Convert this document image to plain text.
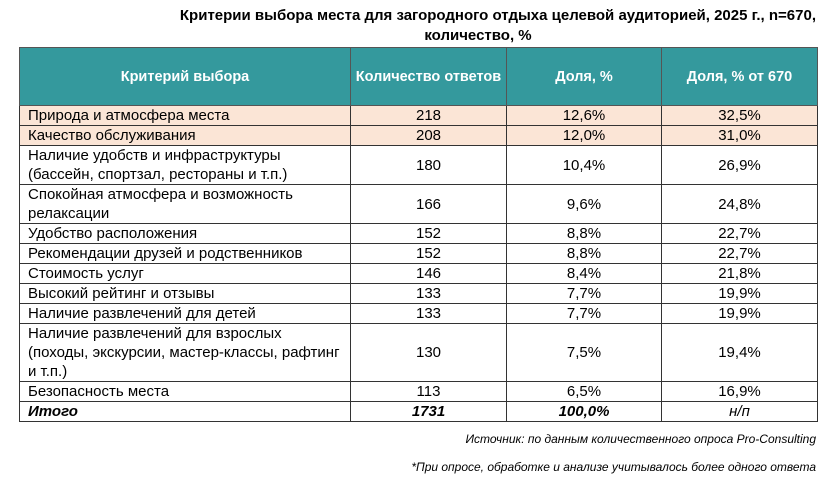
Критерии выбора места для загородного отдыха целевой аудиторией, 2025 г., n=670,
количество, %
Критерий выбора	Количество ответов	Доля, %	Доля, % от 670
Природа и атмосфера места	218	12,6%	32,5%
Качество обслуживания	208	12,0%	31,0%
Наличие удобств и инфраструктуры (бассейн, спортзал, рестораны и т.п.)	180	10,4%	26,9%
Спокойная атмосфера и возможность релаксации	166	9,6%	24,8%
Удобство расположения	152	8,8%	22,7%
Рекомендации друзей и родственников	152	8,8%	22,7%
Стоимость услуг	146	8,4%	21,8%
Высокий рейтинг и отзывы	133	7,7%	19,9%
Наличие развлечений для детей	133	7,7%	19,9%
Наличие развлечений для взрослых (походы, экскурсии, мастер-классы, рафтинг и т.п.)	130	7,5%	19,4%
Безопасность места	113	6,5%	16,9%
Итого	1731	100,0%	н/п
Источник: по данным количественного опроса Pro-Consulting
*При опросе, обработке и анализе учитывалось более одного ответа
